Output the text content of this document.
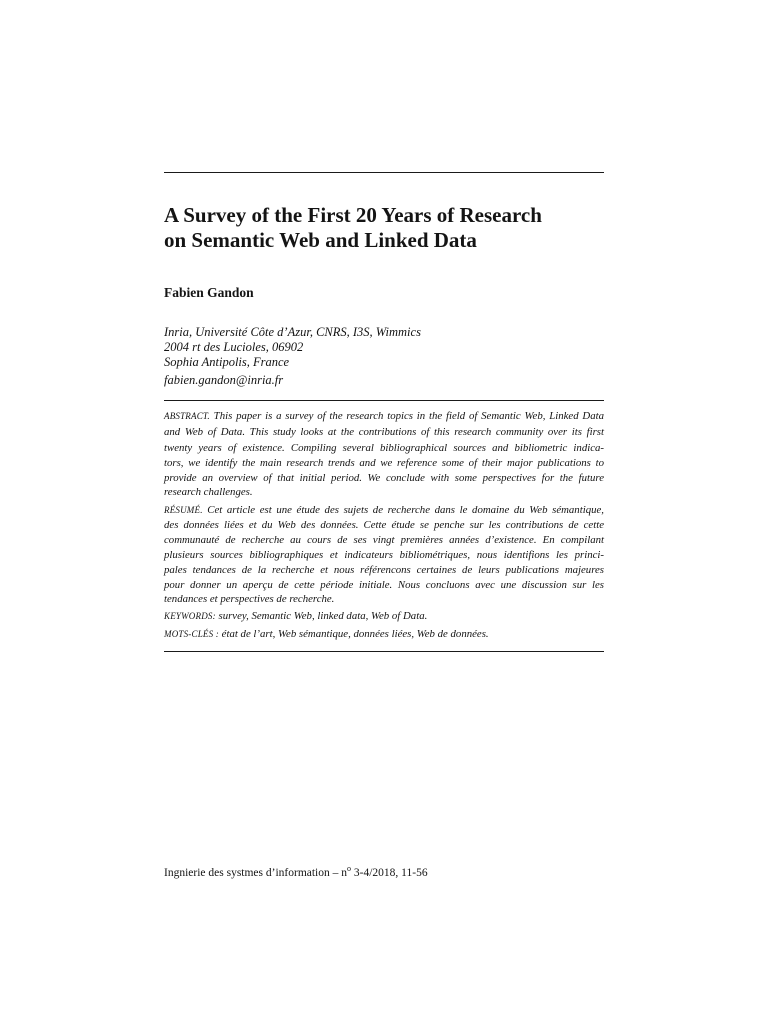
A Survey of the First 20 Years of Research
on Semantic Web and Linked Data
Fabien Gandon
Inria, Université Côte d’Azur, CNRS, I3S, Wimmics
2004 rt des Lucioles, 06902
Sophia Antipolis, France
fabien.gandon@inria.fr
ABSTRACT. This paper is a survey of the research topics in the field of Semantic Web, Linked Data
and Web of Data. This study looks at the contributions of this research community over its first
twenty years of existence. Compiling several bibliographical sources and bibliometric indica-
tors, we identify the main research trends and we reference some of their major publications to
provide an overview of that initial period. We conclude with some perspectives for the future
research challenges.
RÉSUMÉ. Cet article est une étude des sujets de recherche dans le domaine du Web sémantique,
des données liées et du Web des données. Cette étude se penche sur les contributions de cette
communauté de recherche au cours de ses vingt premières années d’existence. En compilant
plusieurs sources bibliographiques et indicateurs bibliométriques, nous identifions les princi-
pales tendances de la recherche et nous référencons certaines de leurs publications majeures
pour donner un aperçu de cette période initiale. Nous concluons avec une discussion sur les
tendances et perspectives de recherche.
KEYWORDS: survey, Semantic Web, linked data, Web of Data.
MOTS-CLÉS : état de l’art, Web sémantique, données liées, Web de données.
Ingnierie des systmes d’information – $n^o$ 3-4/2018, 11-56
